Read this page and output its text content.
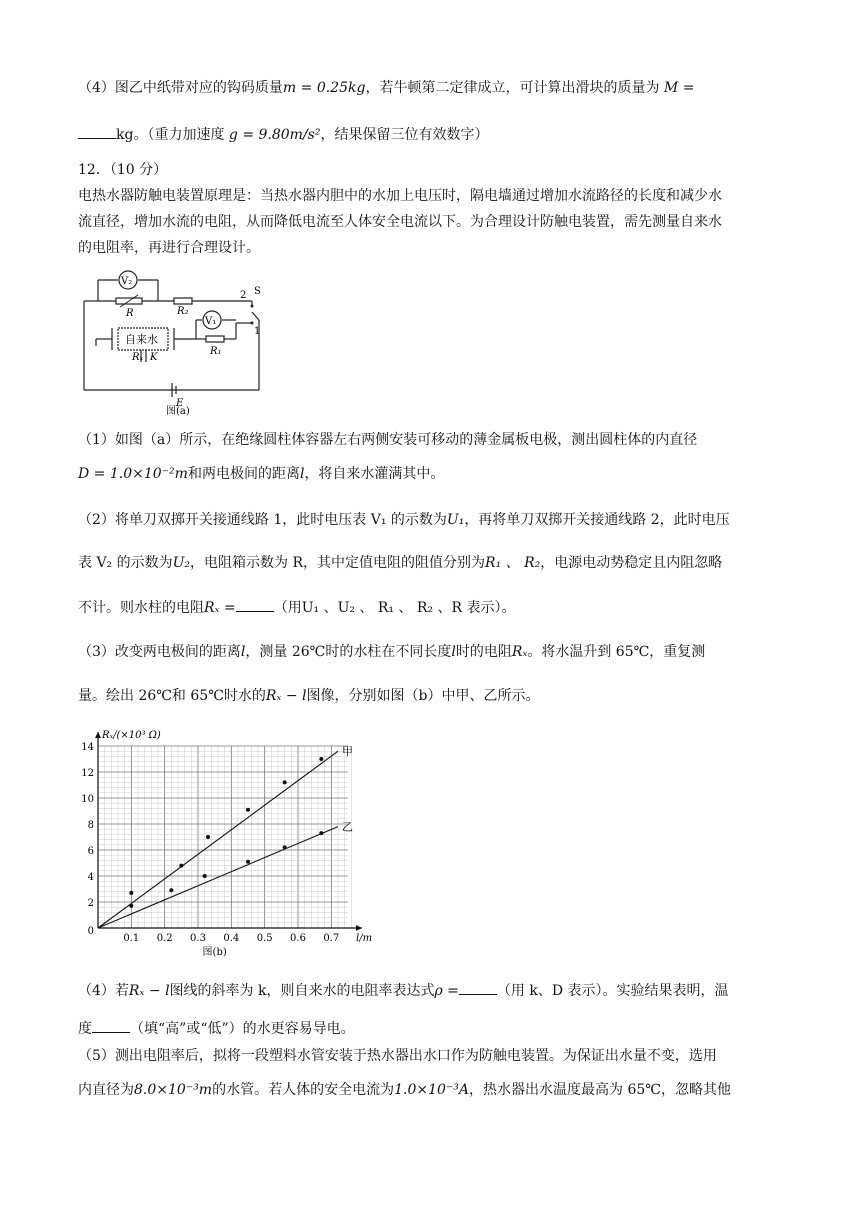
（4）图乙中纸带对应的钩码质量m = 0.25kg，若牛顿第二定律成立，可计算出滑块的质量为 M =
kg。（重力加速度 g = 9.80m/s²，结果保留三位有效数字）
12．（10 分）
电热水器防触电装置原理是：当热水器内胆中的水加上电压时，隔电墙通过增加水流路径的长度和减少水
流直径，增加水流的电阻，从而降低电流至人体安全电流以下。为合理设计防触电装置，需先测量自来水
的电阻率，再进行合理设计。
V₂
V₁
R	R₂
R₁
Rₓ K
E
S
2
1
自来水
图(a)
（1）如图（a）所示，在绝缘圆柱体容器左右两侧安装可移动的薄金属板电极，测出圆柱体的内直径
D = 1.0×10⁻²m和两电极间的距离l，将自来水灌满其中。
（2）将单刀双掷开关接通线路 1，此时电压表 V₁ 的示数为U₁，再将单刀双掷开关接通线路 2，此时电压
表 V₂ 的示数为U₂，电阻箱示数为 R，其中定值电阻的阻值分别为R₁ 、 R₂，电源电动势稳定且内阻忽略
不计。则水柱的电阻Rₓ =	（用U₁ 、U₂ 、 R₁ 、 R₂ 、R 表示）。
（3）改变两电极间的距离l，测量 26℃时的水柱在不同长度l时的电阻Rₓ。将水温升到 65℃，重复测
量。绘出 26℃和 65℃时水的Rₓ − l图像，分别如图（b）中甲、乙所示。
0.1 0.2 0.3 0.4 0.5 0.6 0.7
2
4
6
8
10
12
14
0
Rₓ/(×10³ Ω)
l/m
图(b)
甲
乙
（4）若Rₓ − l图线的斜率为 k，则自来水的电阻率表达式ρ =	（用 k、D 表示）。实验结果表明，温
度	（填“高”或“低”）的水更容易导电。
（5）测出电阻率后，拟将一段塑料水管安装于热水器出水口作为防触电装置。为保证出水量不变，选用
内直径为8.0×10⁻³m的水管。若人体的安全电流为1.0×10⁻³A，热水器出水温度最高为 65℃，忽略其他
